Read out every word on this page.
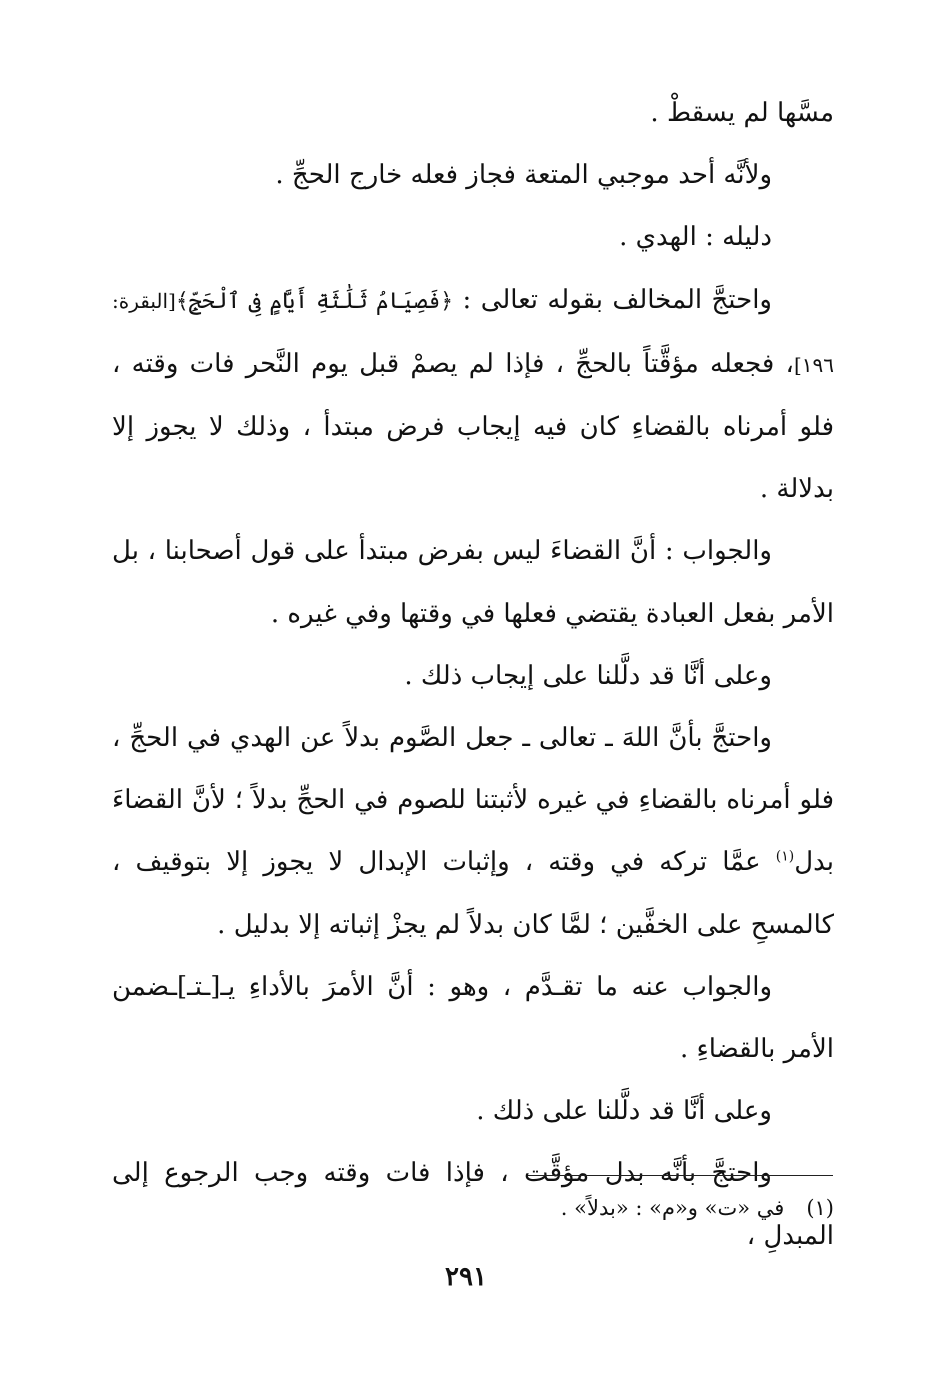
مسَّها لم يسقطْ .

ولأنَّه أحد موجبي المتعة فجاز فعله خارج الحجِّ .

دليله : الهدي .

واحتجَّ المخالف بقوله تعالى : ﴿فَصِيَامُ ثَلَٰثَةِ أَيَّامٍ فِى ٱلْحَجِّ﴾[البقرة: ١٩٦]، فجعله مؤقَّتاً بالحجِّ ، فإذا لم يصمْ قبل يوم النَّحر فات وقته ، فلو أمرناه بالقضاءِ كان فيه إيجاب فرض مبتدأ ، وذلك لا يجوز إلا بدلالة .

والجواب : أنَّ القضاءَ ليس بفرض مبتدأ على قول أصحابنا ، بل الأمر بفعل العبادة يقتضي فعلها في وقتها وفي غيره .

وعلى أنَّا قد دلَّلنا على إيجاب ذلك .

واحتجَّ بأنَّ اللهَ ـ تعالى ـ جعل الصَّوم بدلاً عن الهدي في الحجِّ ، فلو أمرناه بالقضاءِ في غيره لأثبتنا للصوم في الحجِّ بدلاً ؛ لأنَّ القضاءَ بدل$^{(١)}$ عمَّا تركه في وقته ، وإثبات الإبدال لا يجوز إلا بتوقيف ، كالمسحِ على الخفَّين ؛ لمَّا كان بدلاً لم يجزْ إثباته إلا بدليل .

والجواب عنه ما تقـدَّم ، وهو : أنَّ الأمرَ بالأداءِ يـ[ـتـ]ـضمن الأمر بالقضاءِ .

وعلى أنَّا قد دلَّلنا على ذلك .

واحتجَّ بأنَّه بدل مؤقَّت ، فإذا فات وقته وجب الرجوع إلى المبدلِ ،

(١)في «ت» و«م» : «بدلاً» .
٢٩١
